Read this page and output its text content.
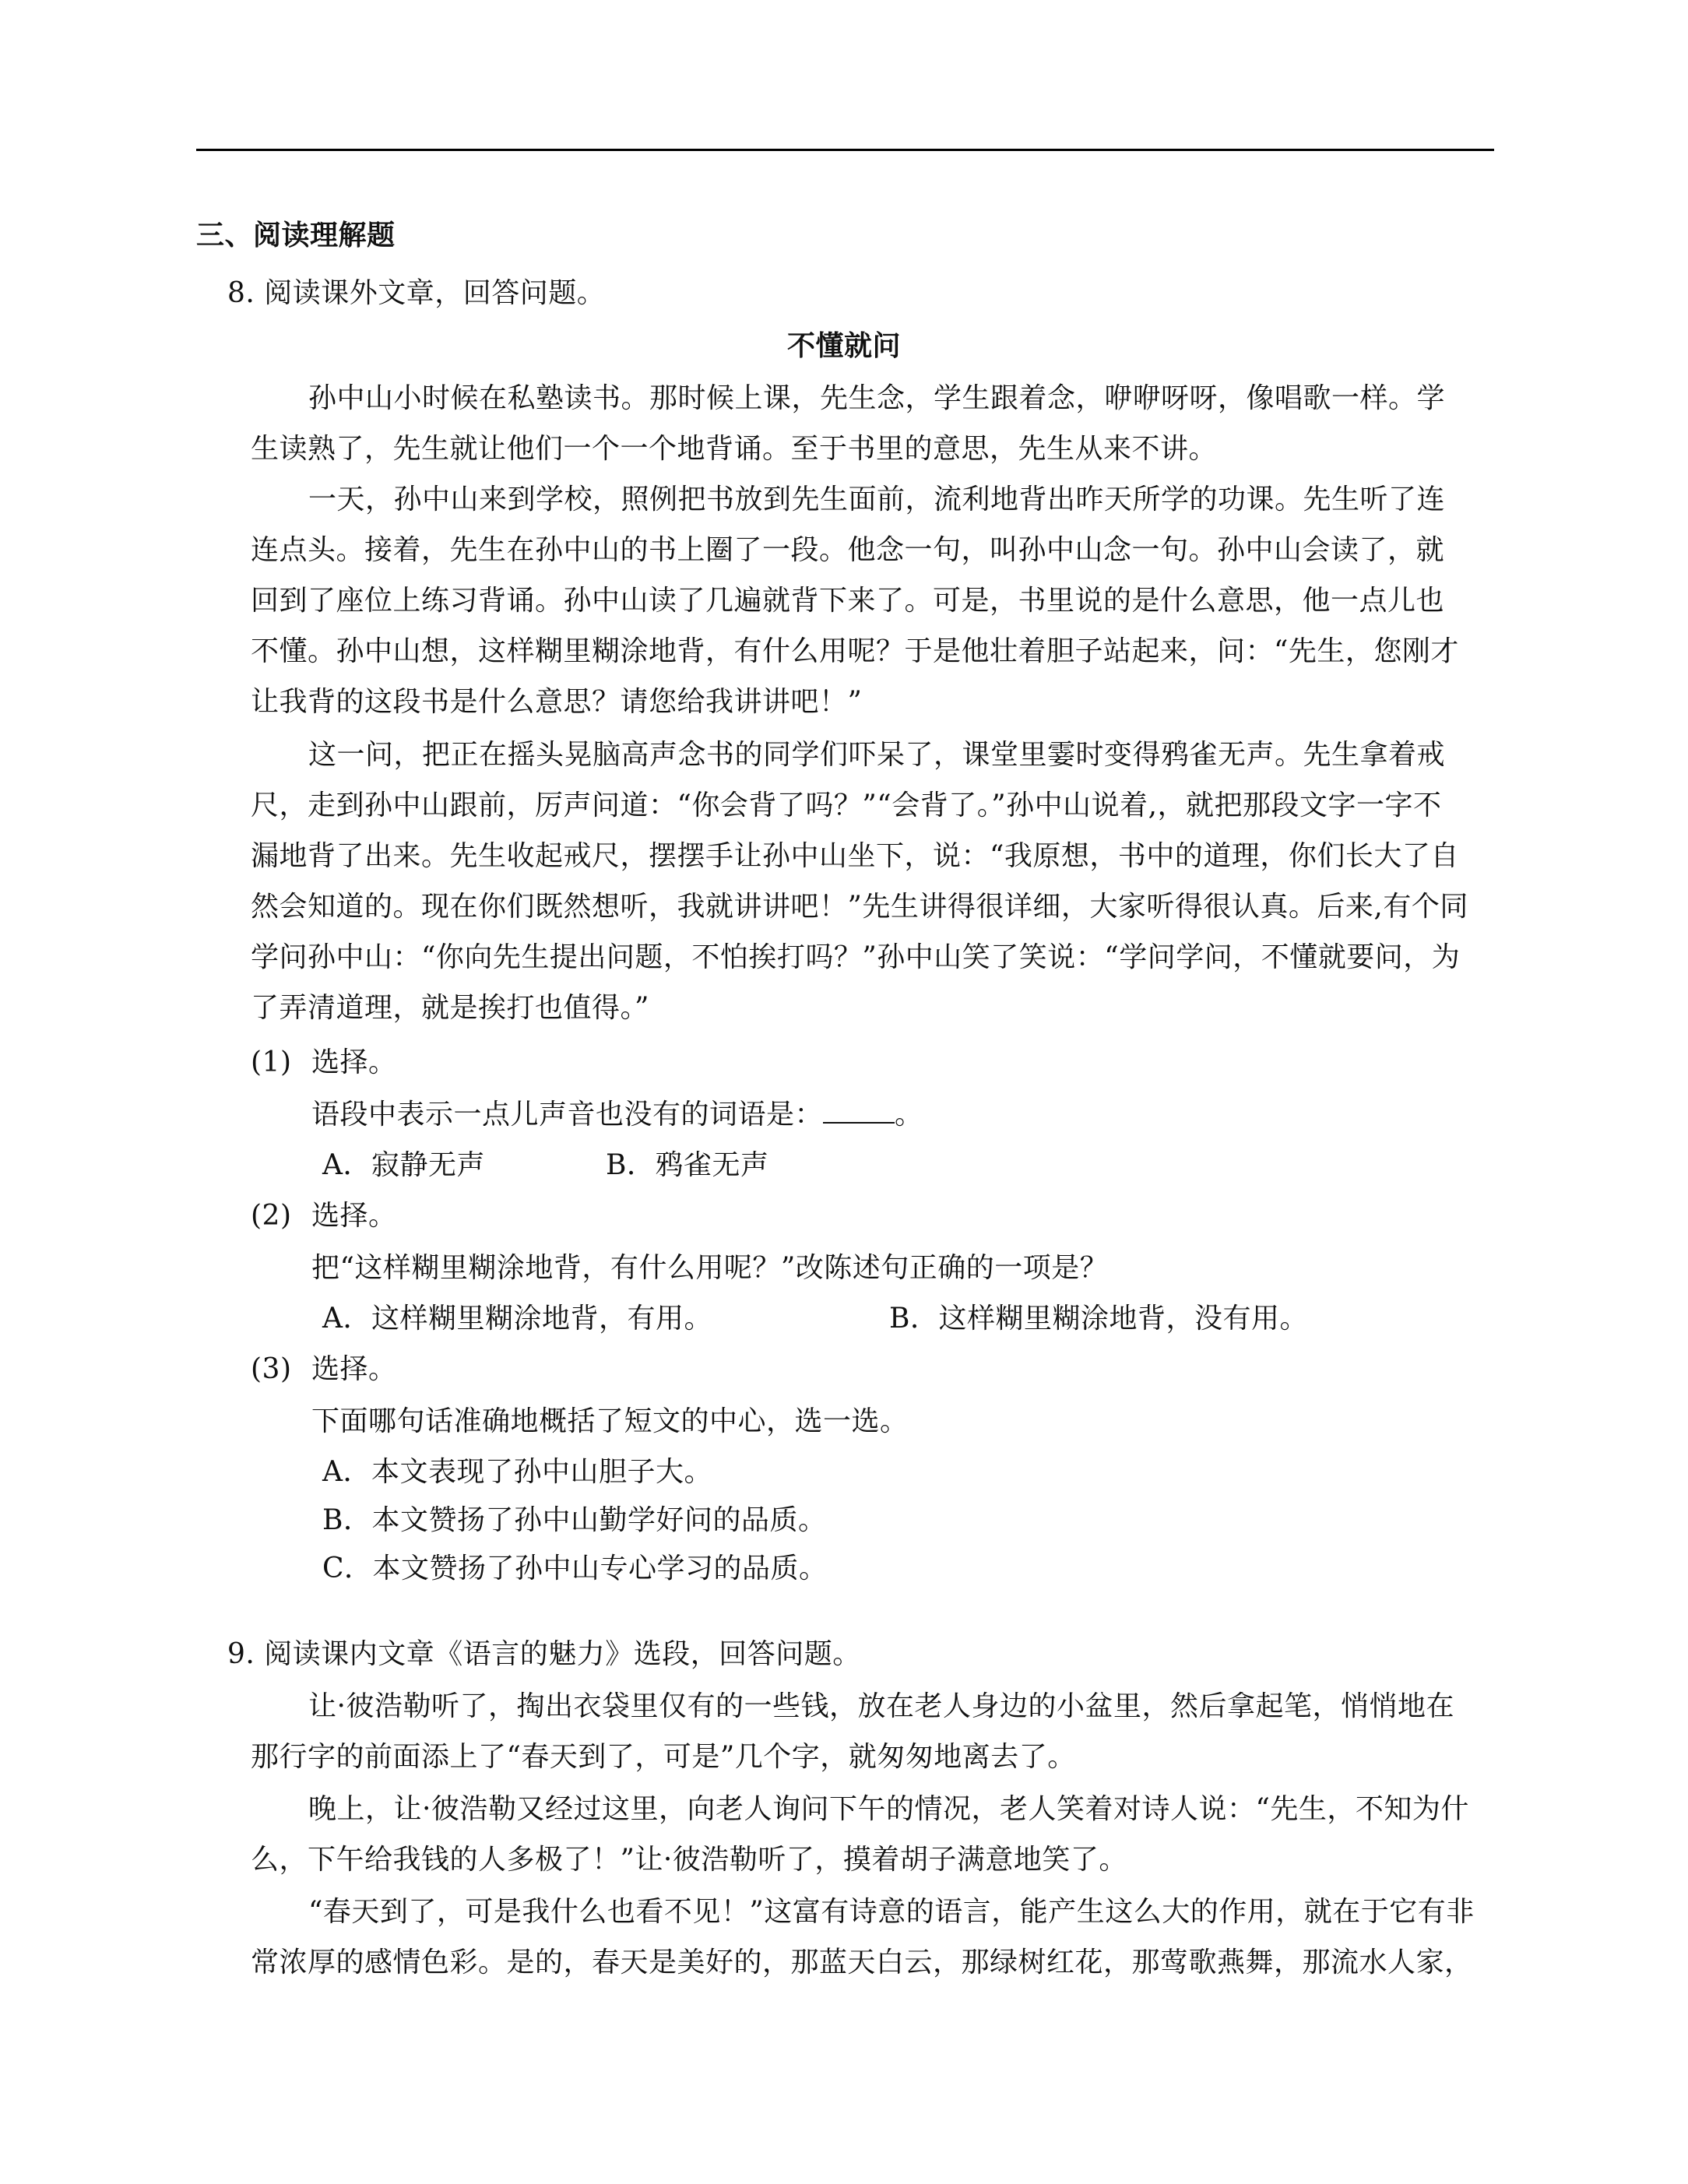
三、阅读理解题
8. 阅读课外文章，回答问题。
不懂就问
孙中山小时候在私塾读书。那时候上课，先生念，学生跟着念，咿咿呀呀，像唱歌一样。学
生读熟了，先生就让他们一个一个地背诵。至于书里的意思，先生从来不讲。
一天，孙中山来到学校，照例把书放到先生面前，流利地背出昨天所学的功课。先生听了连
连点头。接着，先生在孙中山的书上圈了一段。他念一句，叫孙中山念一句。孙中山会读了，就
回到了座位上练习背诵。孙中山读了几遍就背下来了。可是，书里说的是什么意思，他一点儿也
不懂。孙中山想，这样糊里糊涂地背，有什么用呢？于是他壮着胆子站起来，问：“先生，您刚才
让我背的这段书是什么意思？请您给我讲讲吧！”
这一问，把正在摇头晃脑高声念书的同学们吓呆了，课堂里霎时变得鸦雀无声。先生拿着戒
尺，走到孙中山跟前，厉声问道：“你会背了吗？”“会背了。”孙中山说着,，就把那段文字一字不
漏地背了出来。先生收起戒尺，摆摆手让孙中山坐下，说：“我原想，书中的道理，你们长大了自
然会知道的。现在你们既然想听，我就讲讲吧！”先生讲得很详细，大家听得很认真。后来,有个同
学问孙中山：“你向先生提出问题，不怕挨打吗？”孙中山笑了笑说：“学问学问，不懂就要问，为
了弄清道理，就是挨打也值得。”
(1) 选择。
语段中表示一点儿声音也没有的词语是：	。
A．寂静无声	B．鸦雀无声
(2) 选择。
把“这样糊里糊涂地背，有什么用呢？”改陈述句正确的一项是？
A．这样糊里糊涂地背，有用。	B．这样糊里糊涂地背，没有用。
(3) 选择。
下面哪句话准确地概括了短文的中心，选一选。
A．本文表现了孙中山胆子大。
B．本文赞扬了孙中山勤学好问的品质。
C．本文赞扬了孙中山专心学习的品质。
9. 阅读课内文章《语言的魅力》选段，回答问题。
让·彼浩勒听了，掏出衣袋里仅有的一些钱，放在老人身边的小盆里，然后拿起笔，悄悄地在
那行字的前面添上了“春天到了，可是”几个字，就匆匆地离去了。
晚上，让·彼浩勒又经过这里，向老人询问下午的情况，老人笑着对诗人说：“先生，不知为什
么，下午给我钱的人多极了！”让·彼浩勒听了，摸着胡子满意地笑了。
“春天到了，可是我什么也看不见！”这富有诗意的语言，能产生这么大的作用，就在于它有非
常浓厚的感情色彩。是的，春天是美好的，那蓝天白云，那绿树红花，那莺歌燕舞，那流水人家，
